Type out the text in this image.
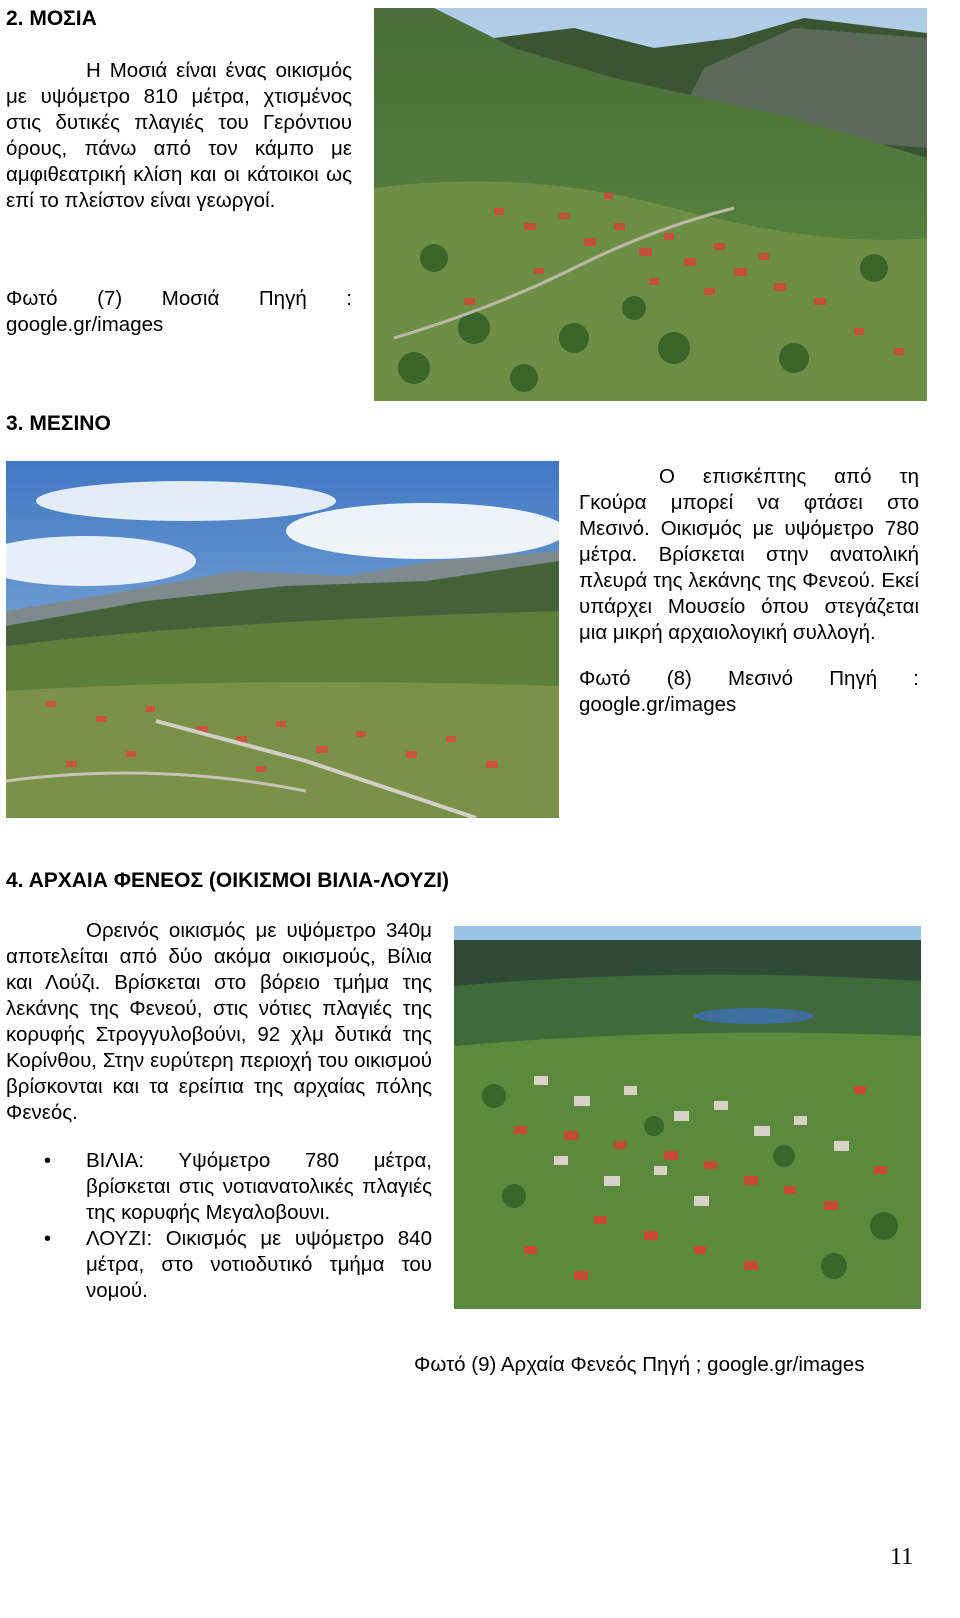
2. ΜΟΣΙΑ
Η Μοσιά είναι ένας οικισμός με υψόμετρο 810 μέτρα, χτισμένος στις δυτικές πλαγιές του Γερόντιου όρους, πάνω από τον κάμπο με αμφιθεατρική κλίση και οι κάτοικοι ως επί το πλείστον είναι γεωργοί.
Φωτό (7) Μοσιά Πηγή : google.gr/images
3. ΜΕΣΙΝΟ
Ο επισκέπτης από τη Γκούρα μπορεί να φτάσει στο Μεσινό. Οικισμός με υψόμετρο 780 μέτρα. Βρίσκεται στην ανατολική πλευρά της λεκάνης της Φενεού. Εκεί υπάρχει Μουσείο όπου στεγάζεται μια μικρή αρχαιολογική συλλογή.
Φωτό (8) Μεσινό Πηγή : google.gr/images
4. ΑΡΧΑΙΑ ΦΕΝΕΟΣ (ΟΙΚΙΣΜΟΙ ΒΙΛΙΑ-ΛΟΥΖΙ)
Ορεινός οικισμός με υψόμετρο 340μ αποτελείται από δύο ακόμα οικισμούς, Βίλια και Λούζι. Βρίσκεται στο βόρειο τμήμα της λεκάνης της Φενεού, στις νότιες πλαγιές της κορυφής Στρογγυλοβούνι, 92 χλμ δυτικά της Κορίνθου, Στην ευρύτερη περιοχή του οικισμού βρίσκονται και τα ερείπια της αρχαίας πόλης Φενεός.
• ΒΙΛΙΑ: Υψόμετρο 780 μέτρα, βρίσκεται στις νοτιανατολικές πλαγιές της κορυφής Μεγαλοβουνι.
• ΛΟΥΖΙ: Οικισμός με υψόμετρο 840 μέτρα, στο νοτιοδυτικό τμήμα του νομού.
Φωτό (9) Αρχαία Φενεός Πηγή ; google.gr/images
11
